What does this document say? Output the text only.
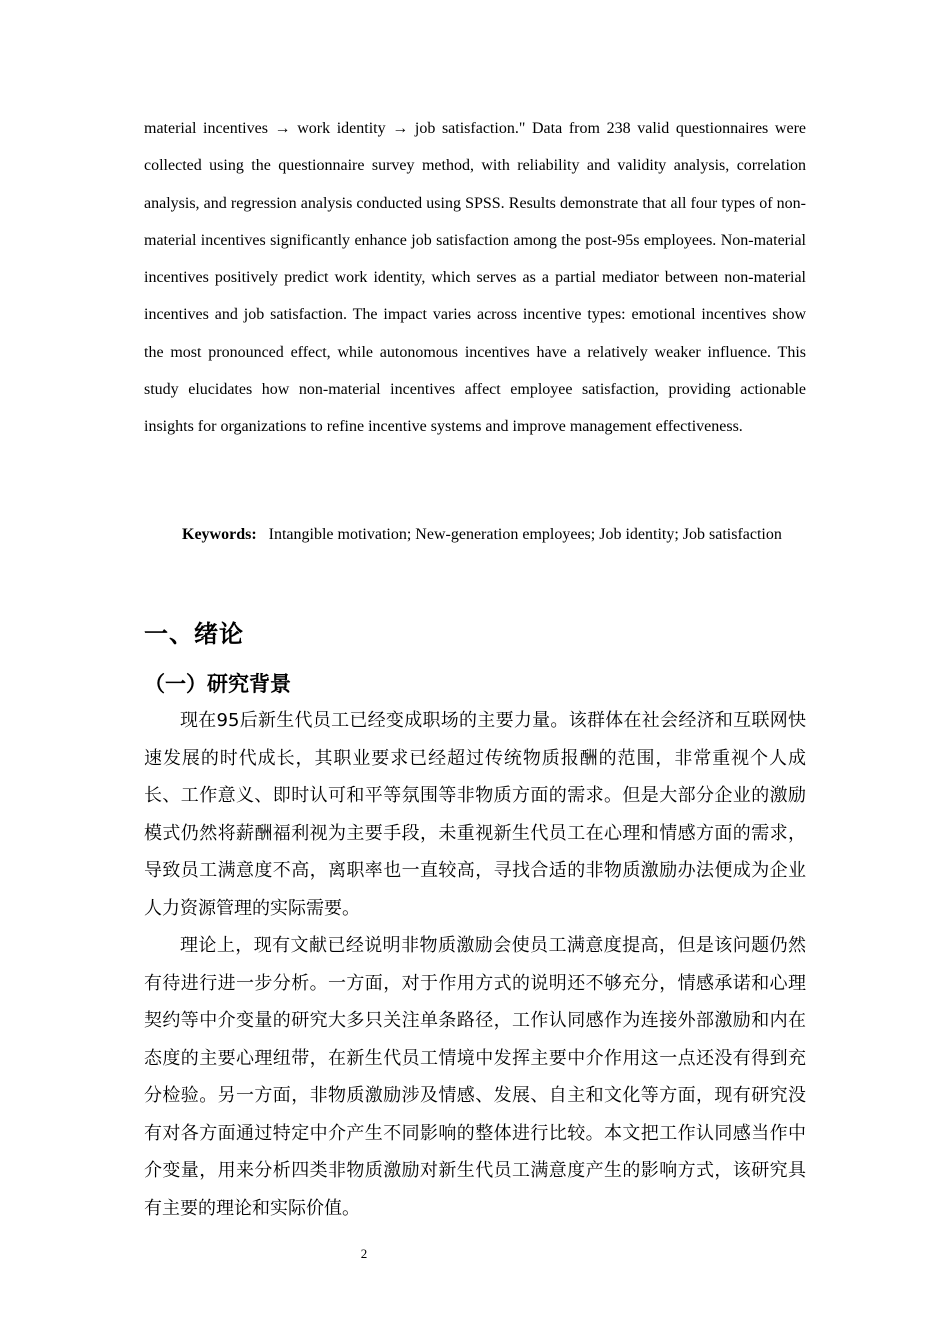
material incentives → work identity → job satisfaction." Data from 238 valid questionnaires were collected using the questionnaire survey method, with reliability and validity analysis, correlation analysis, and regression analysis conducted using SPSS. Results demonstrate that all four types of non-material incentives significantly enhance job satisfaction among the post-95s employees. Non-material incentives positively predict work identity, which serves as a partial mediator between non-material incentives and job satisfaction. The impact varies across incentive types: emotional incentives show the most pronounced effect, while autonomous incentives have a relatively weaker influence. This study elucidates how non-material incentives affect employee satisfaction, providing actionable insights for organizations to refine incentive systems and improve management effectiveness.

Keywords: Intangible motivation; New-generation employees; Job identity; Job satisfaction

一、绪论
（一）研究背景

现在95后新生代员工已经变成职场的主要力量。该群体在社会经济和互联网快速发展的时代成长，其职业要求已经超过传统物质报酬的范围，非常重视个人成长、工作意义、即时认可和平等氛围等非物质方面的需求。但是大部分企业的激励模式仍然将薪酬福利视为主要手段，未重视新生代员工在心理和情感方面的需求，导致员工满意度不高，离职率也一直较高，寻找合适的非物质激励办法便成为企业人力资源管理的实际需要。

理论上，现有文献已经说明非物质激励会使员工满意度提高，但是该问题仍然有待进行进一步分析。一方面，对于作用方式的说明还不够充分，情感承诺和心理契约等中介变量的研究大多只关注单条路径，工作认同感作为连接外部激励和内在态度的主要心理纽带，在新生代员工情境中发挥主要中介作用这一点还没有得到充分检验。另一方面，非物质激励涉及情感、发展、自主和文化等方面，现有研究没有对各方面通过特定中介产生不同影响的整体进行比较。本文把工作认同感当作中介变量，用来分析四类非物质激励对新生代员工满意度产生的影响方式，该研究具有主要的理论和实际价值。

2
